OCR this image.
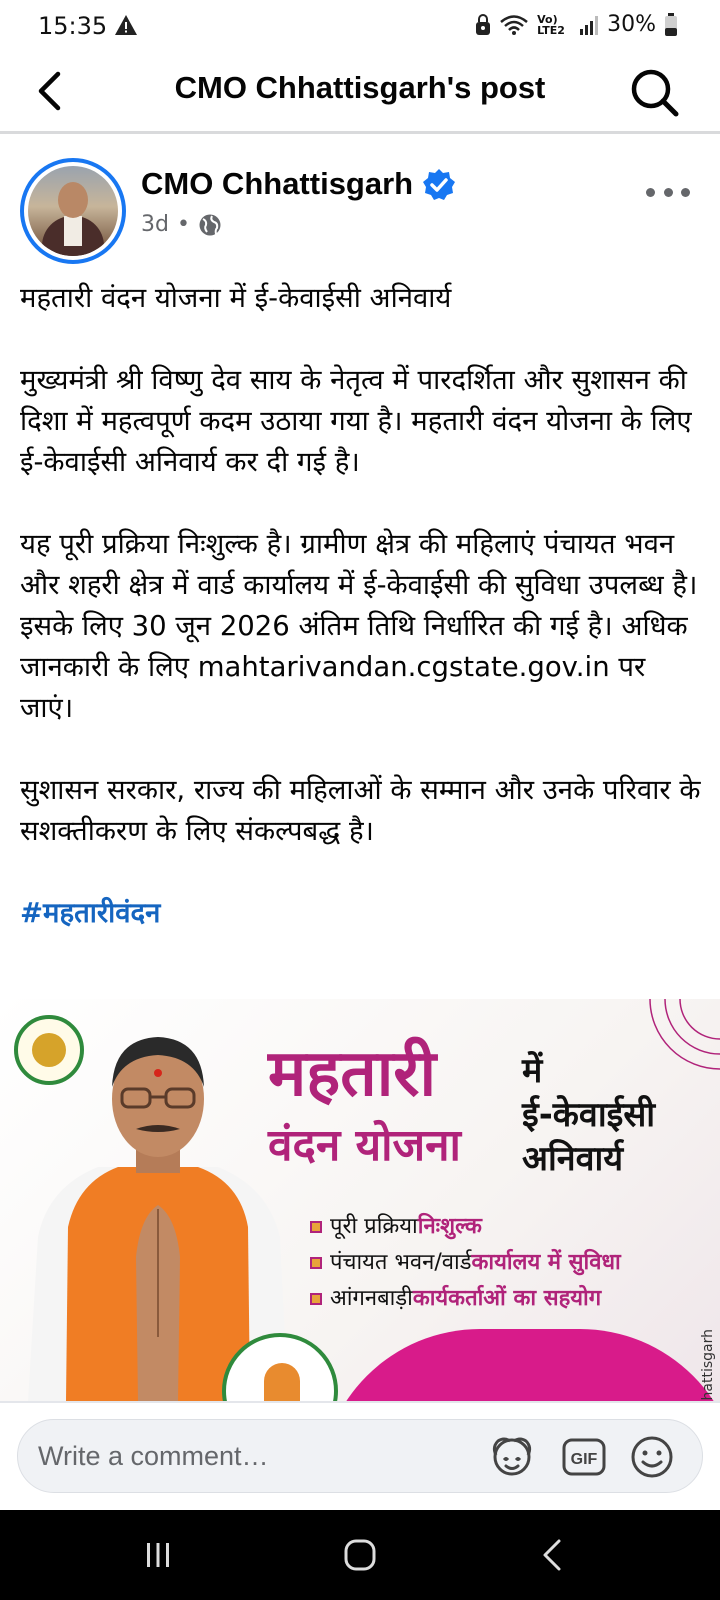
15:35	Vo) LTE2 30%
CMO Chhattisgarh's post
CMO Chhattisgarh
3d •

महतारी वंदन योजना में ई-केवाईसी अनिवार्य

मुख्यमंत्री श्री विष्णु देव साय के नेतृत्व में पारदर्शिता और सुशासन की दिशा में महत्वपूर्ण कदम उठाया गया है। महतारी वंदन योजना के लिए ई-केवाईसी अनिवार्य कर दी गई है।

यह पूरी प्रक्रिया निःशुल्क है। ग्रामीण क्षेत्र की महिलाएं पंचायत भवन और शहरी क्षेत्र में वार्ड कार्यालय में ई-केवाईसी की सुविधा उपलब्ध है। इसके लिए 30 जून 2026 अंतिम तिथि निर्धारित की गई है। अधिक जानकारी के लिए mahtarivandan.cgstate.gov.in पर जाएं।

सुशासन सरकार, राज्य की महिलाओं के सम्मान और उनके परिवार के सशक्तीकरण के लिए संकल्पबद्ध है।

#महतारीवंदन

महतारी
वंदन योजना
में
ई-केवाईसी
अनिवार्य
पूरी प्रक्रिया निःशुल्क
पंचायत भवन/वार्ड कार्यालय में सुविधा
आंगनबाड़ी कार्यकर्ताओं का सहयोग
hattisgarh
Write a comment…
GIF
